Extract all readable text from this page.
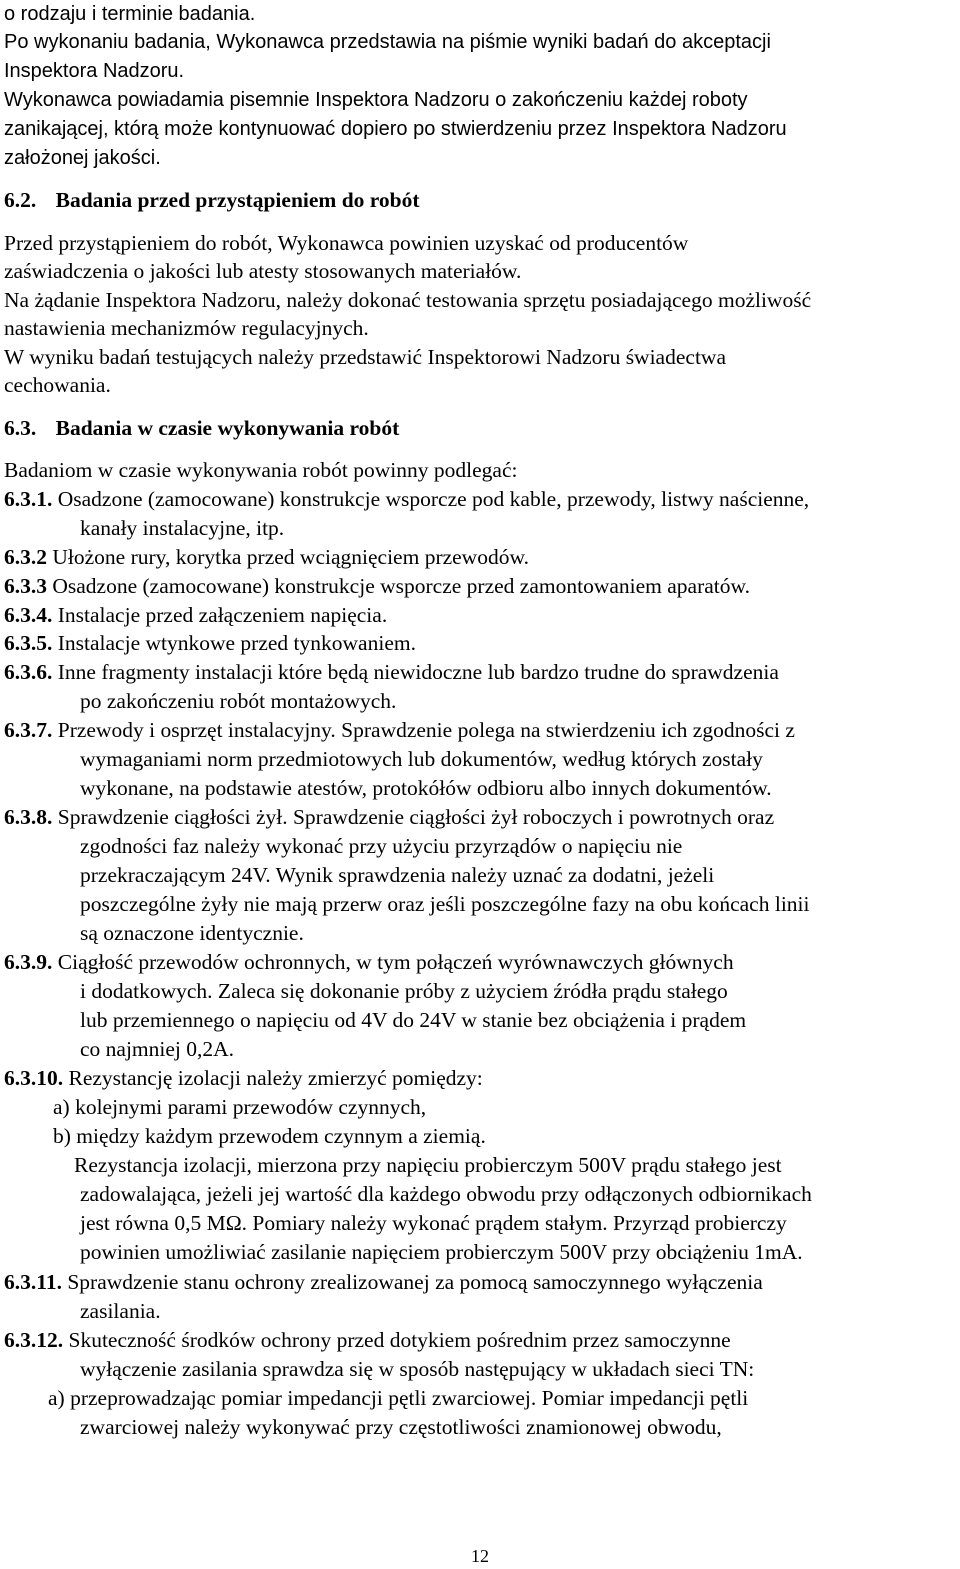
o rodzaju i terminie badania.
Po wykonaniu badania, Wykonawca przedstawia na piśmie wyniki badań do akceptacji
Inspektora Nadzoru.
Wykonawca powiadamia pisemnie Inspektora Nadzoru o zakończeniu każdej roboty
zanikającej, którą może kontynuować dopiero po stwierdzeniu przez Inspektora Nadzoru
założonej jakości.
6.2. Badania przed przystąpieniem do robót
Przed przystąpieniem do robót, Wykonawca powinien uzyskać od producentów
zaświadczenia o jakości lub atesty stosowanych materiałów.
Na żądanie Inspektora Nadzoru, należy dokonać testowania sprzętu posiadającego możliwość
nastawienia mechanizmów regulacyjnych.
W wyniku badań testujących należy przedstawić Inspektorowi Nadzoru świadectwa
cechowania.
6.3. Badania w czasie wykonywania robót
Badaniom w czasie wykonywania robót powinny podlegać:
6.3.1. Osadzone (zamocowane) konstrukcje wsporcze pod kable, przewody, listwy naścienne,
kanały instalacyjne, itp.
6.3.2 Ułożone rury, korytka przed wciągnięciem przewodów.
6.3.3 Osadzone (zamocowane) konstrukcje wsporcze przed zamontowaniem aparatów.
6.3.4. Instalacje przed załączeniem napięcia.
6.3.5. Instalacje wtynkowe przed tynkowaniem.
6.3.6. Inne fragmenty instalacji które będą niewidoczne lub bardzo trudne do sprawdzenia
po zakończeniu robót montażowych.
6.3.7. Przewody i osprzęt instalacyjny. Sprawdzenie polega na stwierdzeniu ich zgodności z
wymaganiami norm przedmiotowych lub dokumentów, według których zostały
wykonane, na podstawie atestów, protokółów odbioru albo innych dokumentów.
6.3.8. Sprawdzenie ciągłości żył. Sprawdzenie ciągłości żył roboczych i powrotnych oraz
zgodności faz należy wykonać przy użyciu przyrządów o napięciu nie
przekraczającym 24V. Wynik sprawdzenia należy uznać za dodatni, jeżeli
poszczególne żyły nie mają przerw oraz jeśli poszczególne fazy na obu końcach linii
są oznaczone identycznie.
6.3.9. Ciągłość przewodów ochronnych, w tym połączeń wyrównawczych głównych
i dodatkowych. Zaleca się dokonanie próby z użyciem źródła prądu stałego
lub przemiennego o napięciu od 4V do 24V w stanie bez obciążenia i prądem
co najmniej 0,2A.
6.3.10. Rezystancję izolacji należy zmierzyć pomiędzy:
a) kolejnymi parami przewodów czynnych,
b) między każdym przewodem czynnym a ziemią.
Rezystancja izolacji, mierzona przy napięciu probierczym 500V prądu stałego jest
zadowalająca, jeżeli jej wartość dla każdego obwodu przy odłączonych odbiornikach
jest równa 0,5 MΩ. Pomiary należy wykonać prądem stałym. Przyrząd probierczy
powinien umożliwiać zasilanie napięciem probierczym 500V przy obciążeniu 1mA.
6.3.11. Sprawdzenie stanu ochrony zrealizowanej za pomocą samoczynnego wyłączenia
zasilania.
6.3.12. Skuteczność środków ochrony przed dotykiem pośrednim przez samoczynne
wyłączenie zasilania sprawdza się w sposób następujący w układach sieci TN:
a) przeprowadzając pomiar impedancji pętli zwarciowej. Pomiar impedancji pętli
zwarciowej należy wykonywać przy częstotliwości znamionowej obwodu,
12
